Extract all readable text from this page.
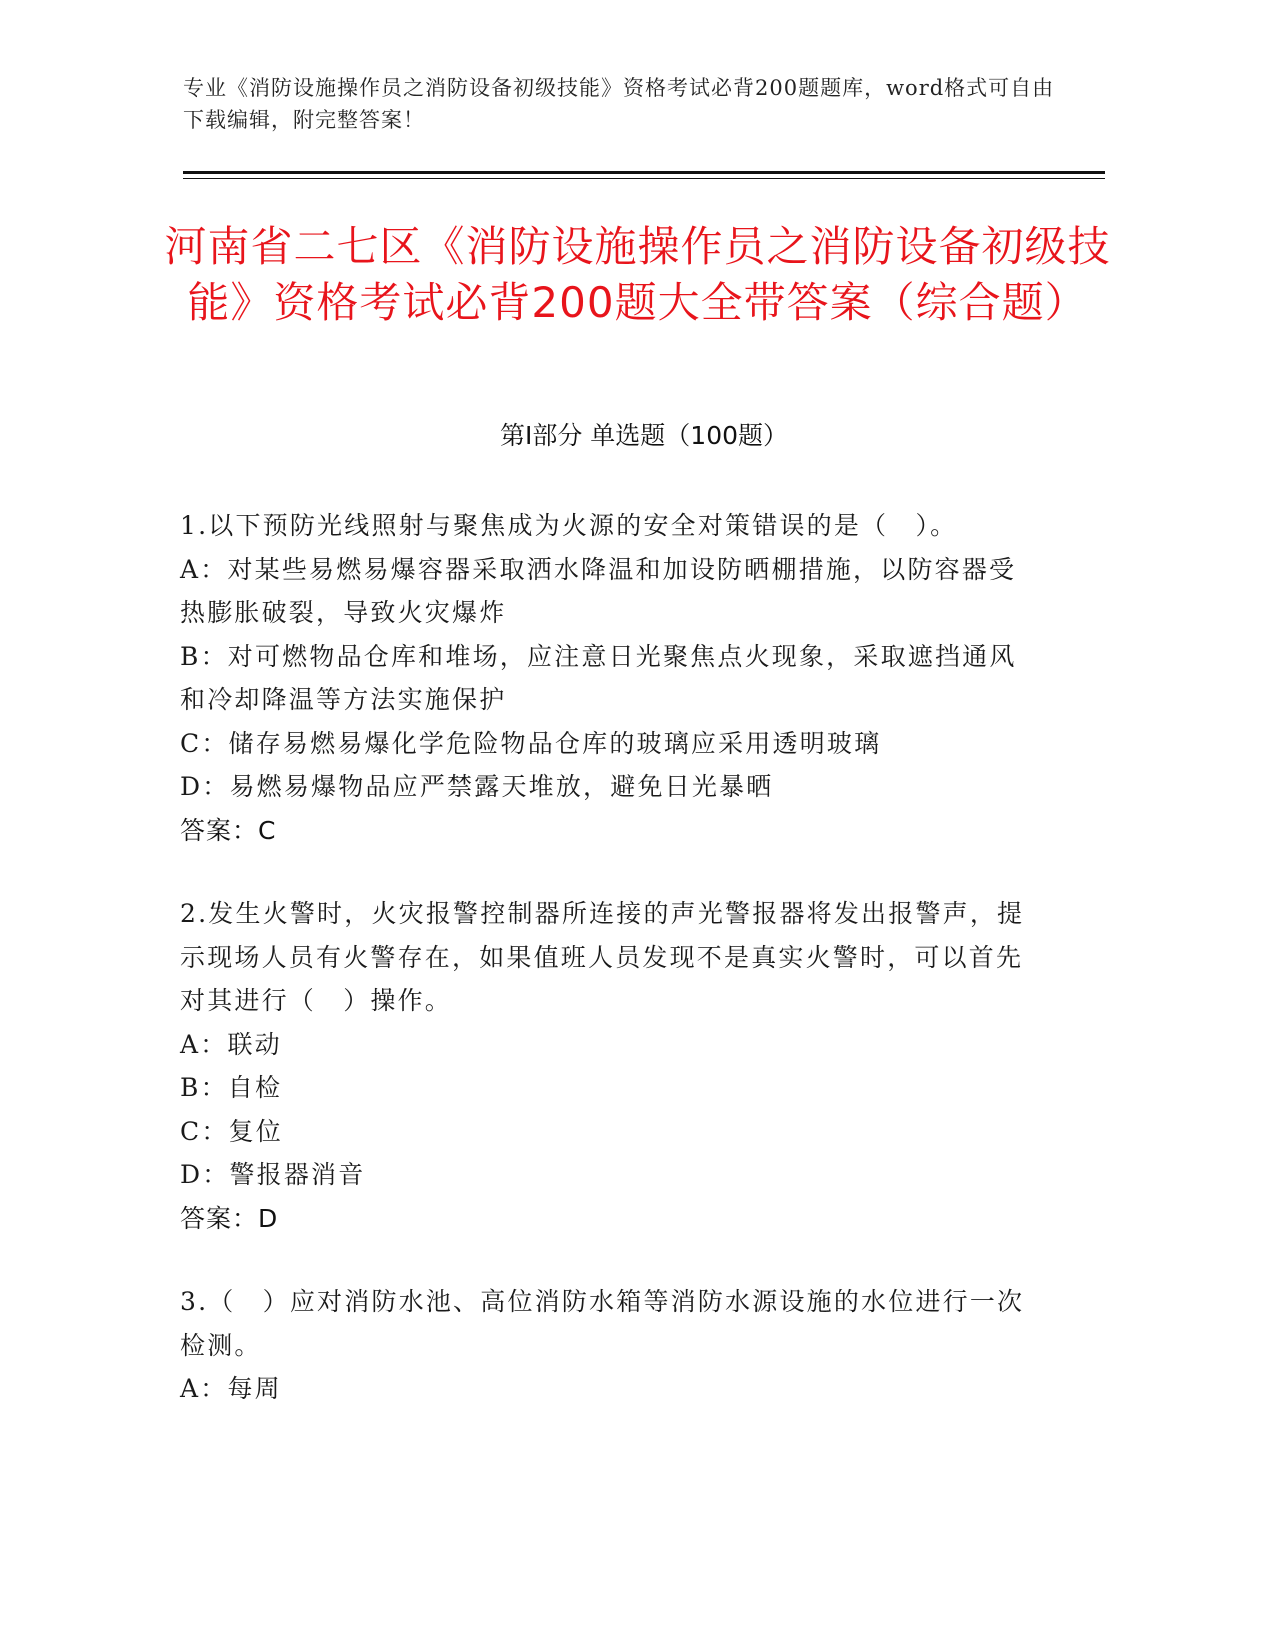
专业《消防设施操作员之消防设备初级技能》资格考试必背200题题库，word格式可自由下载编辑，附完整答案！
河南省二七区《消防设施操作员之消防设备初级技能》资格考试必背200题大全带答案（综合题）
第I部分 单选题（100题）

1.以下预防光线照射与聚焦成为火源的安全对策错误的是（　）。

A：对某些易燃易爆容器采取洒水降温和加设防晒棚措施，以防容器受热膨胀破裂，导致火灾爆炸

B：对可燃物品仓库和堆场，应注意日光聚焦点火现象，采取遮挡通风和冷却降温等方法实施保护

C：储存易燃易爆化学危险物品仓库的玻璃应采用透明玻璃

D：易燃易爆物品应严禁露天堆放，避免日光暴晒

答案：C

2.发生火警时，火灾报警控制器所连接的声光警报器将发出报警声，提示现场人员有火警存在，如果值班人员发现不是真实火警时，可以首先对其进行（　）操作。

A：联动

B：自检

C：复位

D：警报器消音

答案：D

3.（　）应对消防水池、高位消防水箱等消防水源设施的水位进行一次检测。

A：每周
